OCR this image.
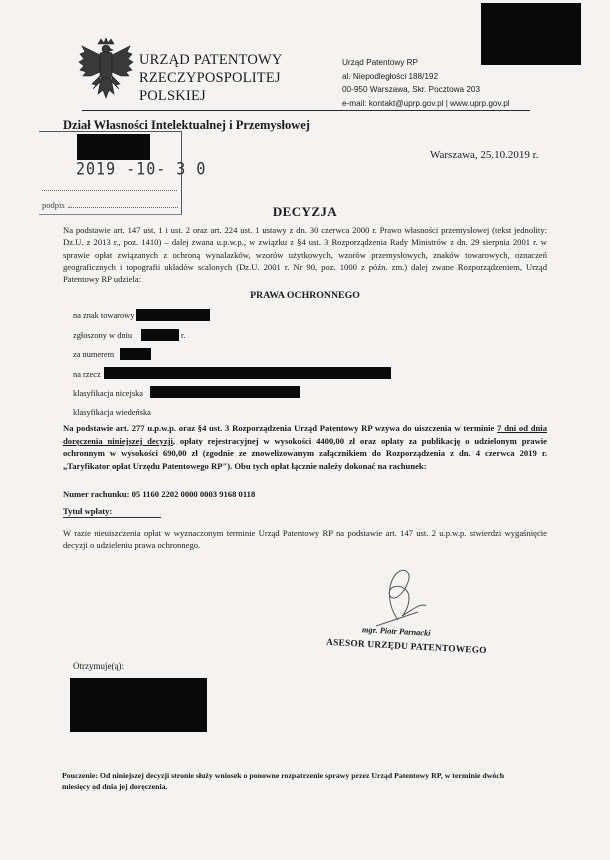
URZĄD PATENTOWY
RZECZYPOSPOLITEJ
POLSKIEJ
Urząd Patentowy RP
al. Niepodległości 188/192
00-950 Warszawa, Skr. Pocztowa 203
e-mail: kontakt@uprp.gov.pl | www.uprp.gov.pl
Dział Własności Intelektualnej i Przemysłowej
Warszawa, 25.10.2019 r.
2019 -10- 3 0
podpis	DECYZJA
Na podstawie art. 147 ust. 1 i ust. 2 oraz art. 224 ust. 1 ustawy z dn. 30 czerwca 2000 r. Prawo własności przemysłowej (tekst jednolity: Dz.U. z 2013 r., poz. 1410) – dalej zwana u.p.w.p., w związku z §4 ust. 3 Rozporządzenia Rady Ministrów z dn. 29 sierpnia 2001 r. w sprawie opłat związanych z ochroną wynalazków, wzorów użytkowych, wzorów przemysłowych, znaków towarowych, oznaczeń geograficznych i topografii układów scalonych (Dz.U. 2001 r. Nr 90, poz. 1000 z późn. zm.) dalej zwane Rozporządzeniem, Urząd Patentowy RP udziela:
PRAWA OCHRONNEGO
na znak towarowy
zgłoszony w dniu	r.
za numerem
na rzecz
klasyfikacja nicejska
klasyfikacja wiedeńska
Na podstawie art. 277 u.p.w.p. oraz §4 ust. 3 Rozporządzenia Urząd Patentowy RP wzywa do uiszczenia w terminie 7 dni od dnia doręczenia niniejszej decyzji, opłaty rejestracyjnej w wysokości 4400,00 zł oraz opłaty za publikację o udzielonym prawie ochronnym w wysokości 690,00 zł (zgodnie ze znowelizowanym załącznikiem do Rozporządzenia z dn. 4 czerwca 2019 r. „Taryfikator opłat Urzędu Patentowego RP"). Obu tych opłat łącznie należy dokonać na rachunek:
Numer rachunku: 05 1160 2202 0000 0003 9168 0118
Tytuł wpłaty:
W razie nieuiszczenia opłat w wyznaczonym terminie Urząd Patentowy RP na podstawie art. 147 ust. 2 u.p.w.p. stwierdzi wygaśnięcie decyzji o udzieleniu prawa ochronnego.
mgr. Piotr Parnacki
ASESOR URZĘDU PATENTOWEGO
Otrzymuje(ą):
Pouczenie: Od niniejszej decyzji stronie służy wniosek o ponowne rozpatrzenie sprawy przez Urząd Patentowy RP, w terminie dwóch miesięcy od dnia jej doręczenia.
